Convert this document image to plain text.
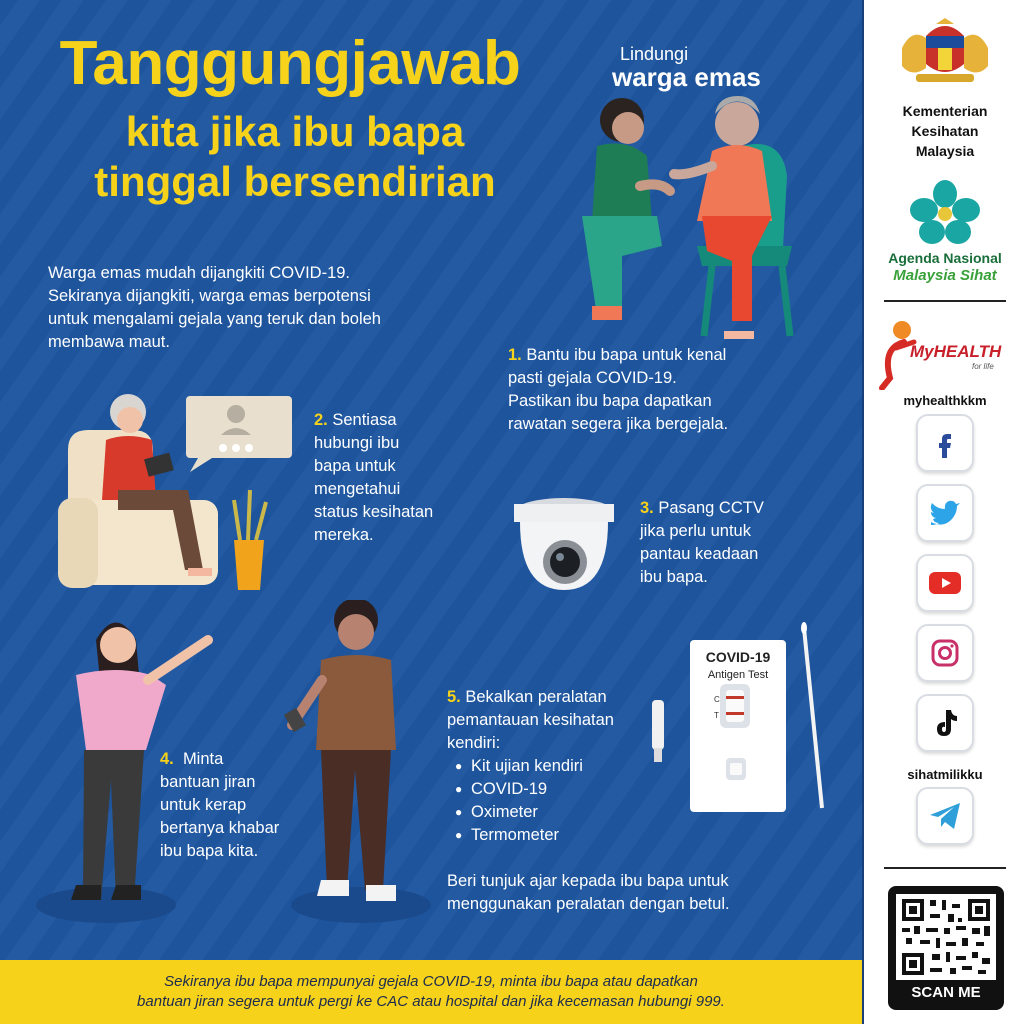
Tanggungjawab
kita jika ibu bapa
tinggal bersendirian
Lindungi
warga emas
Warga emas mudah dijangkiti COVID-19.
Sekiranya dijangkiti, warga emas berpotensi
untuk mengalami gejala yang teruk dan boleh
membawa maut.
1. Bantu ibu bapa untuk kenal
pasti gejala COVID-19.
Pastikan ibu bapa dapatkan
rawatan segera jika bergejala.
2. Sentiasa
hubungi ibu
bapa untuk
mengetahui
status kesihatan
mereka.
3. Pasang CCTV
jika perlu untuk
pantau keadaan
ibu bapa.
4. Minta
bantuan jiran
untuk kerap
bertanya khabar
ibu bapa kita.
5. Bekalkan peralatan
pemantauan kesihatan
kendiri:
● Kit ujian kendiri
● COVID-19
● Oximeter
● Termometer
COVID-19
Antigen Test
C
T
Beri tunjuk ajar kepada ibu bapa untuk
menggunakan peralatan dengan betul.
Sekiranya ibu bapa mempunyai gejala COVID-19, minta ibu bapa atau dapatkan
bantuan jiran segera untuk pergi ke CAC atau hospital dan jika kecemasan hubungi 999.
Kementerian
Kesihatan
Malaysia
Agenda Nasional
Malaysia Sihat
MyHEALTH
for life
myhealthkkm
sihatmilikku
SCAN ME
